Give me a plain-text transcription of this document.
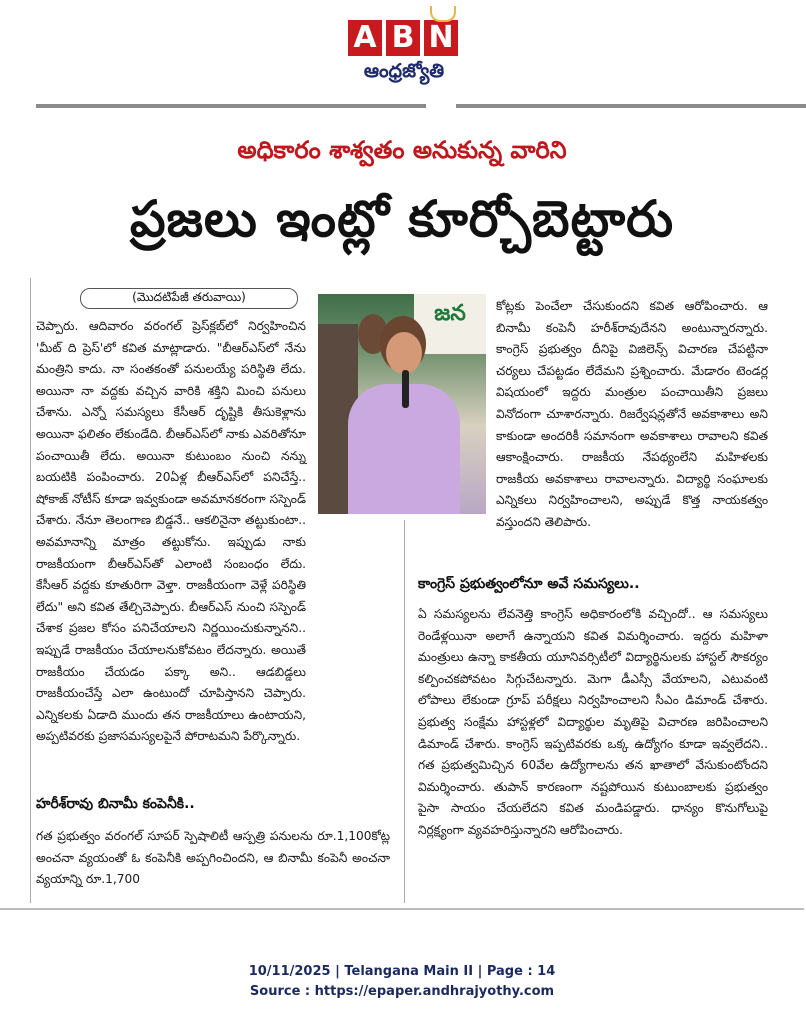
A B N
ఆంధ్రజ్యోతి
అధికారం శాశ్వతం అనుకున్న వారిని
ప్రజలు ఇంట్లో కూర్చోబెట్టారు
(మొదటిపేజీ తరువాయి)
జన
చెప్పారు. ఆదివారం వరంగల్ ప్రెస్‌క్లబ్‌లో నిర్వహించిన 'మీట్ ది ప్రెస్'లో కవిత మాట్లాడారు. "బీఆర్ఎస్‌లో నేను మంత్రిని కాదు. నా సంతకంతో పనులయ్యే పరిస్థితి లేదు. అయినా నా వద్దకు వచ్చిన వారికి శక్తిని మించి పనులు చేశాను. ఎన్నో సమస్యలు కేసీఆర్ దృష్టికి తీసుకెళ్లాను అయినా ఫలితం లేకుండేది. బీఆర్ఎస్‌లో నాకు ఎవరితోనూ పంచాయితీ లేదు. అయినా కుటుంబం నుంచి నన్ను బయటికి పంపించారు. 20ఏళ్ల బీఆర్ఎస్‌లో పనిచేస్తే.. షోకాజ్ నోటీస్ కూడా ఇవ్వకుండా అవమానకరంగా సస్పెండ్ చేశారు. నేనూ తెలంగాణ బిడ్డనే.. ఆకలినైనా తట్టుకుంటా.. అవమానాన్ని మాత్రం తట్టుకోను. ఇప్పుడు నాకు రాజకీయంగా బీఆర్ఎస్‌తో ఎలాంటి సంబంధం లేదు. కేసీఆర్ వద్దకు కూతురిగా వెళ్తా. రాజకీయంగా వెళ్లే పరిస్థితి లేదు" అని కవిత తేల్చిచెప్పారు. బీఆర్ఎస్ నుంచి సస్పెండ్ చేశాక ప్రజల కోసం పనిచేయాలని నిర్ణయించుకున్నానని.. ఇప్పుడే రాజకీయం చేయాలనుకోవటం లేదన్నారు. అయితే రాజకీయం చేయడం పక్కా అని.. ఆడబిడ్డలు రాజకీయంచేస్తే ఎలా ఉంటుందో చూపిస్తానని చెప్పారు. ఎన్నికలకు ఏడాది ముందు తన రాజకీయాలు ఉంటాయని, అప్పటివరకు ప్రజాసమస్యలపైనే పోరాటమని పేర్కొన్నారు.
హరీశ్‌రావు బినామీ కంపెనీకి..
గత ప్రభుత్వం వరంగల్ సూపర్ స్పెషాలిటీ ఆస్పత్రి పనులను రూ.1,100కోట్ల అంచనా వ్యయంతో ఓ కంపెనీకి అప్పగించిందని, ఆ బినామీ కంపెనీ అంచనా వ్యయాన్ని రూ.1,700
కోట్లకు పెంచేలా చేసుకుందని కవిత ఆరోపించారు. ఆ బినామీ కంపెనీ హరీశ్‌రావుదేనని అంటున్నారన్నారు. కాంగ్రెస్ ప్రభుత్వం దీనిపై విజిలెన్స్ విచారణ చేపట్టినా చర్యలు చేపట్టడం లేదేమని ప్రశ్నించారు. మేడారం టెండర్ల విషయంలో ఇద్దరు మంత్రుల పంచాయితీని ప్రజలు వినోదంగా చూశారన్నారు. రిజర్వేషన్లతోనే అవకాశాలు అని కాకుండా అందరికీ సమానంగా అవకాశాలు రావాలని కవిత ఆకాంక్షించారు. రాజకీయ నేపథ్యంలేని మహిళలకు రాజకీయ అవకాశాలు రావాలన్నారు. విద్యార్థి సంఘాలకు ఎన్నికలు నిర్వహించాలని, అప్పుడే కొత్త నాయకత్వం వస్తుందని తెలిపారు.
కాంగ్రెస్ ప్రభుత్వంలోనూ అవే సమస్యలు..
ఏ సమస్యలను లేవనెత్తి కాంగ్రెస్ అధికారంలోకి వచ్చిందో.. ఆ సమస్యలు రెండేళ్లయినా అలాగే ఉన్నాయని కవిత విమర్శించారు. ఇద్దరు మహిళా మంత్రులు ఉన్నా కాకతీయ యూనివర్సిటీలో విద్యార్థినులకు హాస్టల్ సౌకర్యం కల్పించకపోవటం సిగ్గుచేటన్నారు. మెగా డీఎస్సీ వేయాలని, ఎటువంటి లోపాలు లేకుండా గ్రూప్ పరీక్షలు నిర్వహించాలని సీఎం డిమాండ్ చేశారు. ప్రభుత్వ సంక్షేమ హాస్టళ్లలో విద్యార్థుల మృతిపై విచారణ జరిపించాలని డిమాండ్ చేశారు. కాంగ్రెస్ ఇప్పటివరకు ఒక్క ఉద్యోగం కూడా ఇవ్వలేదని.. గత ప్రభుత్వమిచ్చిన 60వేల ఉద్యోగాలను తన ఖాతాలో వేసుకుంటోందని విమర్శించారు. తుపాన్ కారణంగా నష్టపోయిన కుటుంబాలకు ప్రభుత్వం పైసా సాయం చేయలేదని కవిత మండిపడ్డారు. ధాన్యం కొనుగోలుపై నిర్లక్ష్యంగా వ్యవహరిస్తున్నారని ఆరోపించారు.
10/11/2025 | Telangana Main II | Page : 14
Source : https://epaper.andhrajyothy.com
